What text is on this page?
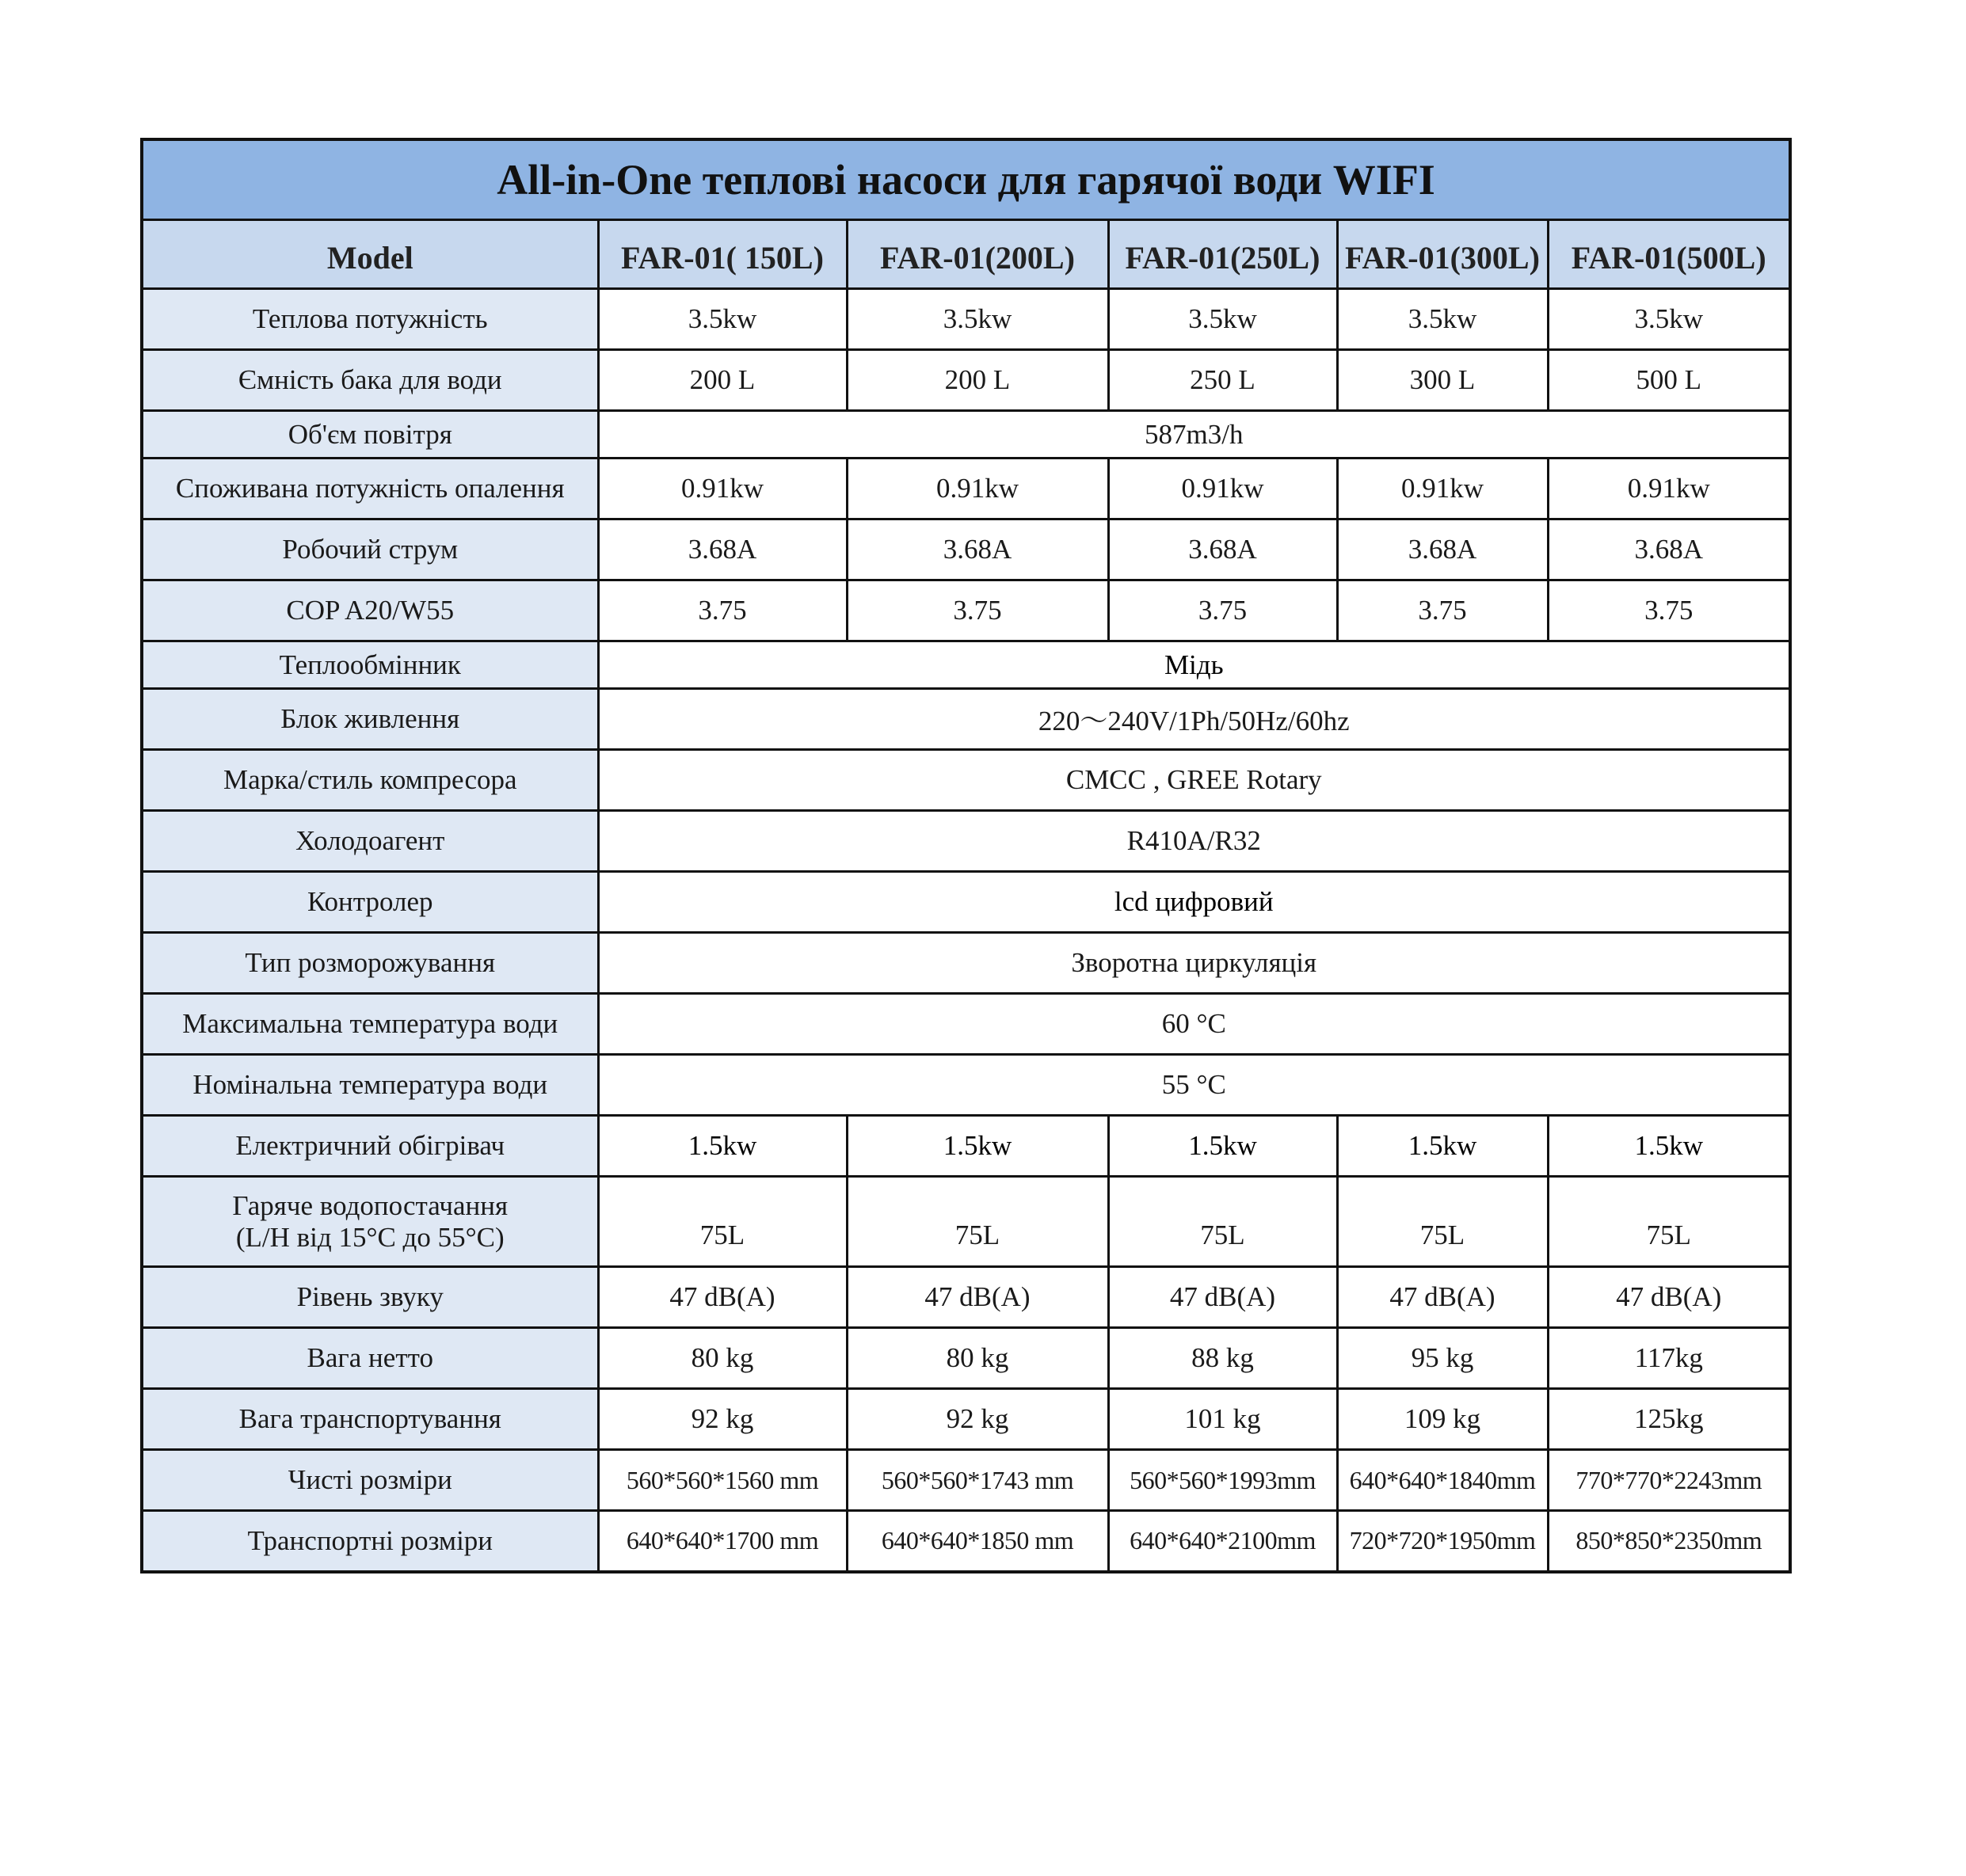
All-in-One теплові насоси для гарячої води WIFI					
Model	FAR-01( 150L)	FAR-01(200L)	FAR-01(250L)	FAR-01(300L)	FAR-01(500L)
Теплова потужність	3.5kw	3.5kw	3.5kw	3.5kw	3.5kw
Ємність бака для води	200 L	200 L	250 L	300 L	500 L
Об'єм повітря	587m3/h				
Споживана потужність опалення	0.91kw	0.91kw	0.91kw	0.91kw	0.91kw
Робочий струм	3.68A	3.68A	3.68A	3.68A	3.68A
COP A20/W55	3.75	3.75	3.75	3.75	3.75
Теплообмінник	Мідь				
Блок живлення	220～240V/1Ph/50Hz/60hz				
Марка/стиль компресора	CMCC , GREE Rotary				
Холодоагент	R410A/R32				
Контролер	lcd цифровий				
Тип розморожування	Зворотна циркуляція				
Максимальна температура води	60 °C				
Номінальна температура води	55 °C				
Електричний обігрівач	1.5kw	1.5kw	1.5kw	1.5kw	1.5kw

Гаряче водопостачання
(L/H від 15°C до 55°C)	75L	75L	75L	75L	75L
Рівень звуку	47 dB(A)	47 dB(A)	47 dB(A)	47 dB(A)	47 dB(A)
Вага нетто	80 kg	80 kg	88 kg	95 kg	117kg
Вага транспортування	92 kg	92 kg	101 kg	109 kg	125kg
Чисті розміри	560*560*1560 mm	560*560*1743 mm	560*560*1993mm	640*640*1840mm	770*770*2243mm
Транспортні розміри	640*640*1700 mm	640*640*1850 mm	640*640*2100mm	720*720*1950mm	850*850*2350mm
